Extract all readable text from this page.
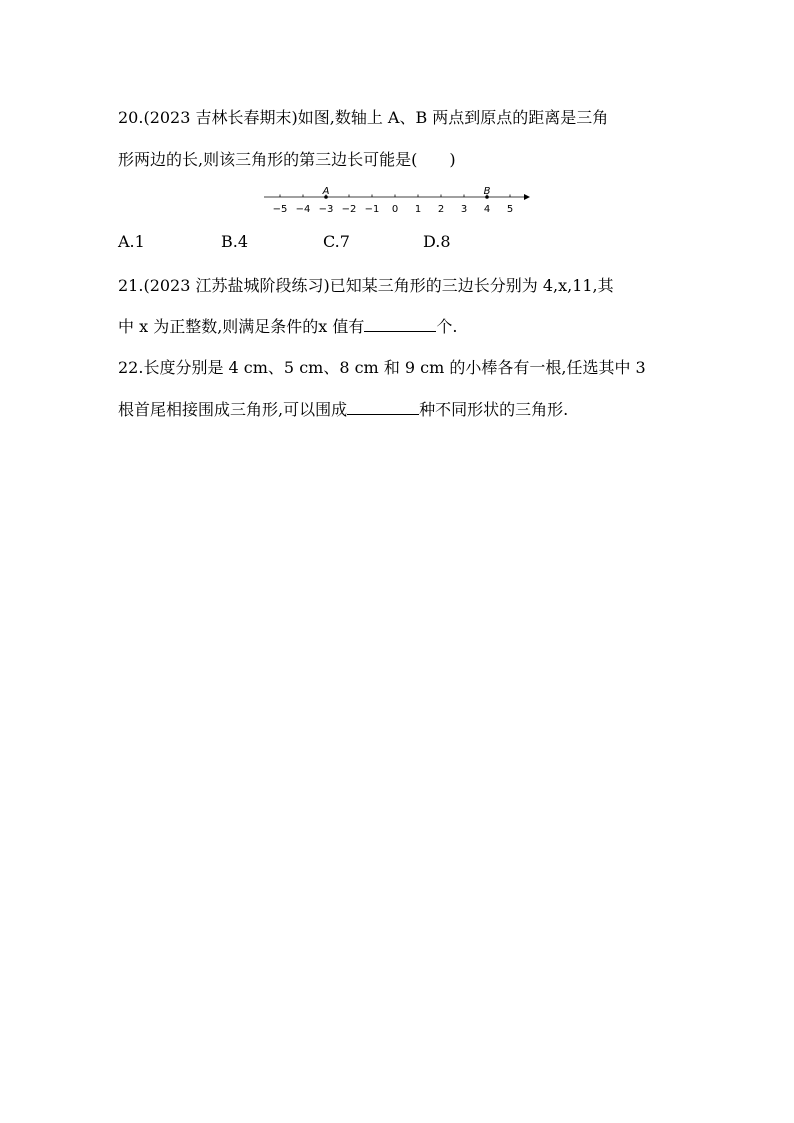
20.(2023 吉林长春期末)如图,数轴上 A、B 两点到原点的距离是三角
形两边的长,则该三角形的第三边长可能是(　　)
−5 −4 −3 −2 −1 0 1 2 3 4 5
A	B
A.1	B.4	C.7	D.8
21.(2023 江苏盐城阶段练习)已知某三角形的三边长分别为 4,x,11,其
中 x 为正整数,则满足条件的x 值有	个.
22.长度分别是 4 cm、5 cm、8 cm 和 9 cm 的小棒各有一根,任选其中 3
根首尾相接围成三角形,可以围成	种不同形状的三角形.
